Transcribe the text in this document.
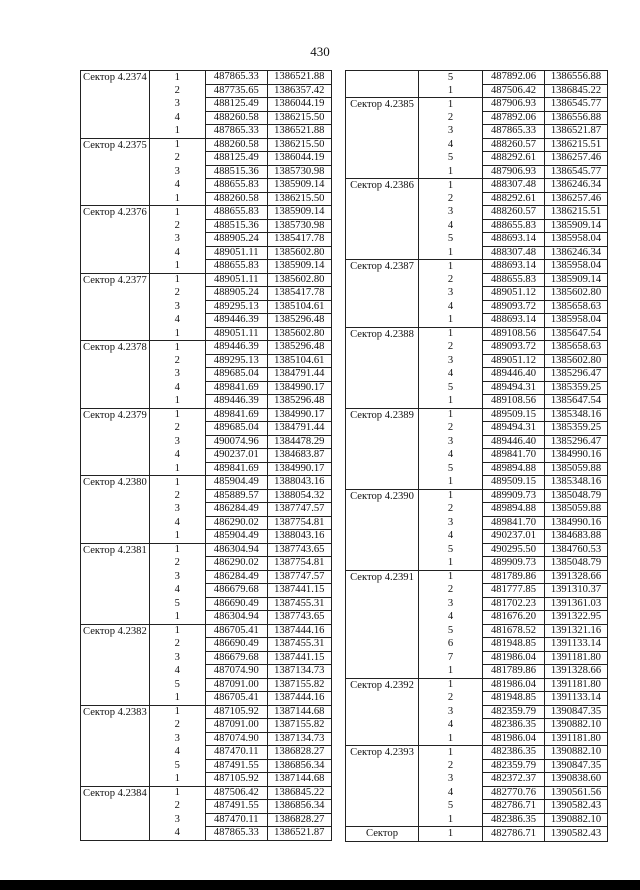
430
Сектор 4.2374	1	487865.33	1386521.88
	2	487735.65	1386357.42
	3	488125.49	1386044.19
	4	488260.58	1386215.50
	1	487865.33	1386521.88
Сектор 4.2375	1	488260.58	1386215.50
	2	488125.49	1386044.19
	3	488515.36	1385730.98
	4	488655.83	1385909.14
	1	488260.58	1386215.50
Сектор 4.2376	1	488655.83	1385909.14
	2	488515.36	1385730.98
	3	488905.24	1385417.78
	4	489051.11	1385602.80
	1	488655.83	1385909.14
Сектор 4.2377	1	489051.11	1385602.80
	2	488905.24	1385417.78
	3	489295.13	1385104.61
	4	489446.39	1385296.48
	1	489051.11	1385602.80
Сектор 4.2378	1	489446.39	1385296.48
	2	489295.13	1385104.61
	3	489685.04	1384791.44
	4	489841.69	1384990.17
	1	489446.39	1385296.48
Сектор 4.2379	1	489841.69	1384990.17
	2	489685.04	1384791.44
	3	490074.96	1384478.29
	4	490237.01	1384683.87
	1	489841.69	1384990.17
Сектор 4.2380	1	485904.49	1388043.16
	2	485889.57	1388054.32
	3	486284.49	1387747.57
	4	486290.02	1387754.81
	1	485904.49	1388043.16
Сектор 4.2381	1	486304.94	1387743.65
	2	486290.02	1387754.81
	3	486284.49	1387747.57
	4	486679.68	1387441.15
	5	486690.49	1387455.31
	1	486304.94	1387743.65
Сектор 4.2382	1	486705.41	1387444.16
	2	486690.49	1387455.31
	3	486679.68	1387441.15
	4	487074.90	1387134.73
	5	487091.00	1387155.82
	1	486705.41	1387444.16
Сектор 4.2383	1	487105.92	1387144.68
	2	487091.00	1387155.82
	3	487074.90	1387134.73
	4	487470.11	1386828.27
	5	487491.55	1386856.34
	1	487105.92	1387144.68
Сектор 4.2384	1	487506.42	1386845.22
	2	487491.55	1386856.34
	3	487470.11	1386828.27
	4	487865.33	1386521.87
	5	487892.06	1386556.88
	1	487506.42	1386845.22
Сектор 4.2385	1	487906.93	1386545.77
	2	487892.06	1386556.88
	3	487865.33	1386521.87
	4	488260.57	1386215.51
	5	488292.61	1386257.46
	1	487906.93	1386545.77
Сектор 4.2386	1	488307.48	1386246.34
	2	488292.61	1386257.46
	3	488260.57	1386215.51
	4	488655.83	1385909.14
	5	488693.14	1385958.04
	1	488307.48	1386246.34
Сектор 4.2387	1	488693.14	1385958.04
	2	488655.83	1385909.14
	3	489051.12	1385602.80
	4	489093.72	1385658.63
	1	488693.14	1385958.04
Сектор 4.2388	1	489108.56	1385647.54
	2	489093.72	1385658.63
	3	489051.12	1385602.80
	4	489446.40	1385296.47
	5	489494.31	1385359.25
	1	489108.56	1385647.54
Сектор 4.2389	1	489509.15	1385348.16
	2	489494.31	1385359.25
	3	489446.40	1385296.47
	4	489841.70	1384990.16
	5	489894.88	1385059.88
	1	489509.15	1385348.16
Сектор 4.2390	1	489909.73	1385048.79
	2	489894.88	1385059.88
	3	489841.70	1384990.16
	4	490237.01	1384683.88
	5	490295.50	1384760.53
	1	489909.73	1385048.79
Сектор 4.2391	1	481789.86	1391328.66
	2	481777.85	1391310.37
	3	481702.23	1391361.03
	4	481676.20	1391322.95
	5	481678.52	1391321.16
	6	481948.85	1391133.14
	7	481986.04	1391181.80
	1	481789.86	1391328.66
Сектор 4.2392	1	481986.04	1391181.80
	2	481948.85	1391133.14
	3	482359.79	1390847.35
	4	482386.35	1390882.10
	1	481986.04	1391181.80
Сектор 4.2393	1	482386.35	1390882.10
	2	482359.79	1390847.35
	3	482372.37	1390838.60
	4	482770.76	1390561.56
	5	482786.71	1390582.43
	1	482386.35	1390882.10
Сектор	1	482786.71	1390582.43
